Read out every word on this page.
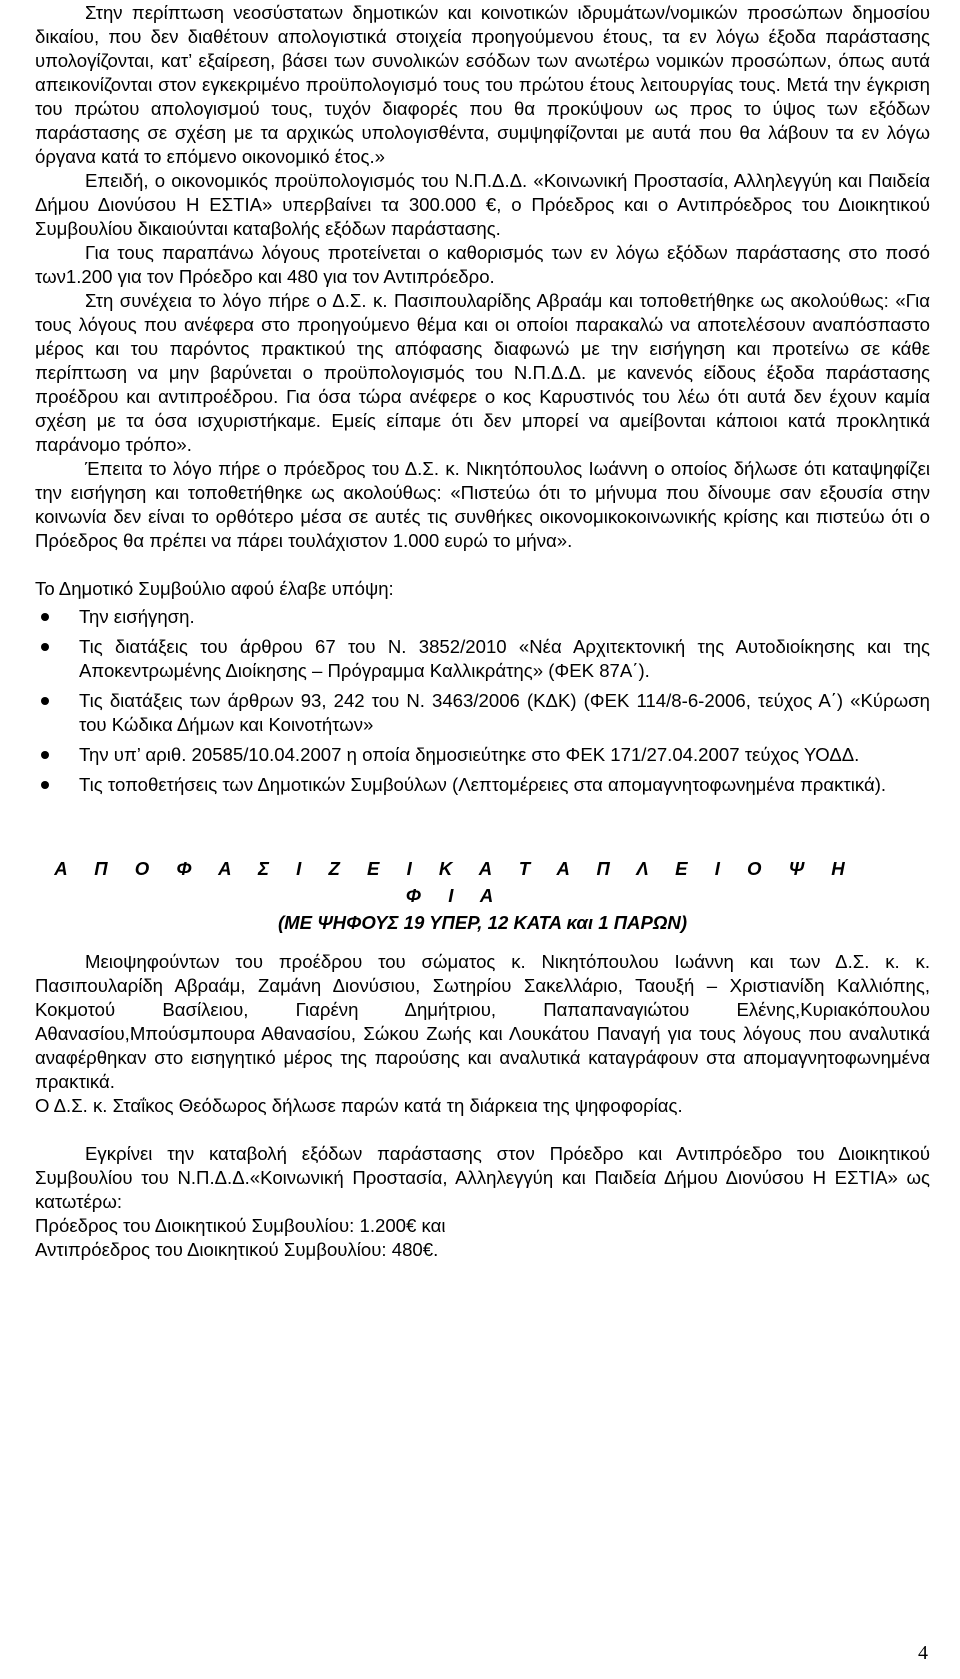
Στην περίπτωση νεοσύστατων δημοτικών και κοινοτικών ιδρυμάτων/νομικών προσώπων δημοσίου δικαίου, που δεν διαθέτουν απολογιστικά στοιχεία προηγούμενου έτους, τα εν λόγω έξοδα παράστασης υπολογίζονται, κατ’ εξαίρεση, βάσει των συνολικών εσόδων των ανωτέρω νομικών προσώπων, όπως αυτά απεικονίζονται στον εγκεκριμένο προϋπολογισμό τους του πρώτου έτους λειτουργίας τους. Μετά την έγκριση του πρώτου απολογισμού τους, τυχόν διαφορές που θα προκύψουν ως προς το ύψος των εξόδων παράστασης σε σχέση με τα αρχικώς υπολογισθέντα, συμψηφίζονται με αυτά που θα λάβουν τα εν λόγω όργανα κατά το επόμενο οικονομικό έτος.»

Επειδή, ο οικονομικός προϋπολογισμός του Ν.Π.Δ.Δ. «Κοινωνική Προστασία, Αλληλεγγύη και Παιδεία Δήμου Διονύσου Η ΕΣΤΙΑ» υπερβαίνει τα 300.000 €, ο Πρόεδρος και ο Αντιπρόεδρος του Διοικητικού Συμβουλίου δικαιούνται καταβολής εξόδων παράστασης.

Για τους παραπάνω λόγους προτείνεται ο καθορισμός των εν λόγω εξόδων παράστασης στο ποσό των1.200 για τον Πρόεδρο και 480 για τον Αντιπρόεδρο.

Στη συνέχεια το λόγο πήρε ο Δ.Σ. κ. Πασιπουλαρίδης Αβραάμ και τοποθετήθηκε ως ακολούθως: «Για τους λόγους που ανέφερα στο προηγούμενο θέμα και οι οποίοι παρακαλώ να αποτελέσουν αναπόσπαστο μέρος και του παρόντος πρακτικού της απόφασης διαφωνώ με την εισήγηση και προτείνω σε κάθε περίπτωση να μην βαρύνεται ο προϋπολογισμός του Ν.Π.Δ.Δ. με κανενός είδους έξοδα παράστασης προέδρου και αντιπροέδρου. Για όσα τώρα ανέφερε ο κος Καρυστινός του λέω ότι αυτά δεν έχουν καμία σχέση με τα όσα ισχυριστήκαμε. Εμείς είπαμε ότι δεν μπορεί να αμείβονται κάποιοι κατά προκλητικά παράνομο τρόπο».

Έπειτα το λόγο πήρε ο πρόεδρος του Δ.Σ. κ. Νικητόπουλος Ιωάννη ο οποίος δήλωσε ότι καταψηφίζει την εισήγηση και τοποθετήθηκε ως ακολούθως: «Πιστεύω ότι το μήνυμα που δίνουμε σαν εξουσία στην κοινωνία δεν είναι το ορθότερο μέσα σε αυτές τις συνθήκες οικονομικοκοινωνικής κρίσης και πιστεύω ότι ο Πρόεδρος θα πρέπει να πάρει τουλάχιστον 1.000 ευρώ το μήνα».

Το Δημοτικό Συμβούλιο αφού έλαβε υπόψη:

Την εισήγηση.
Τις διατάξεις του άρθρου 67 του Ν. 3852/2010 «Νέα Αρχιτεκτονική της Αυτοδιοίκησης και της Αποκεντρωμένης Διοίκησης – Πρόγραμμα Καλλικράτης» (ΦΕΚ 87Α΄).
Τις διατάξεις των άρθρων 93, 242 του Ν. 3463/2006 (ΚΔΚ) (ΦΕΚ 114/8-6-2006, τεύχος Α΄) «Κύρωση του Κώδικα Δήμων και Κοινοτήτων»
Την υπ’ αριθ. 20585/10.04.2007 η οποία δημοσιεύτηκε στο ΦΕΚ 171/27.04.2007 τεύχος ΥΟΔΔ.
Τις τοποθετήσεις των Δημοτικών Συμβούλων (Λεπτομέρειες στα απομαγνητοφωνημένα πρακτικά).
Α Π Ο Φ Α Σ Ι Ζ Ε Ι Κ Α Τ Α Π Λ Ε Ι Ο Ψ Η Φ Ι Α
(ΜΕ ΨΗΦΟΥΣ 19 ΥΠΕΡ, 12 ΚΑΤΑ και 1 ΠΑΡΩΝ)

Μειοψηφούντων του προέδρου του σώματος κ. Νικητόπουλου Ιωάννη και των Δ.Σ. κ. κ. Πασιπουλαρίδη Αβραάμ, Ζαμάνη Διονύσιου, Σωτηρίου Σακελλάριο, Ταουξή – Χριστιανίδη Καλλιόπης, Κοκμοτού Βασίλειου, Γιαρένη Δημήτριου, Παπαπαναγιώτου Ελένης,Κυριακόπουλου Αθανασίου,Μπούσμπουρα Αθανασίου, Σώκου Ζωής και Λουκάτου Παναγή για τους λόγους που αναλυτικά αναφέρθηκαν στο εισηγητικό μέρος της παρούσης και αναλυτικά καταγράφουν στα απομαγνητοφωνημένα πρακτικά.

Ο Δ.Σ. κ. Σταΐκος Θεόδωρος δήλωσε παρών κατά τη διάρκεια της ψηφοφορίας.

Εγκρίνει την καταβολή εξόδων παράστασης στον Πρόεδρο και Αντιπρόεδρο του Διοικητικού Συμβουλίου του Ν.Π.Δ.Δ.«Κοινωνική Προστασία, Αλληλεγγύη και Παιδεία Δήμου Διονύσου Η ΕΣΤΙΑ» ως κατωτέρω:

Πρόεδρος του Διοικητικού Συμβουλίου: 1.200€ και

Αντιπρόεδρος του Διοικητικού Συμβουλίου: 480€.

4
